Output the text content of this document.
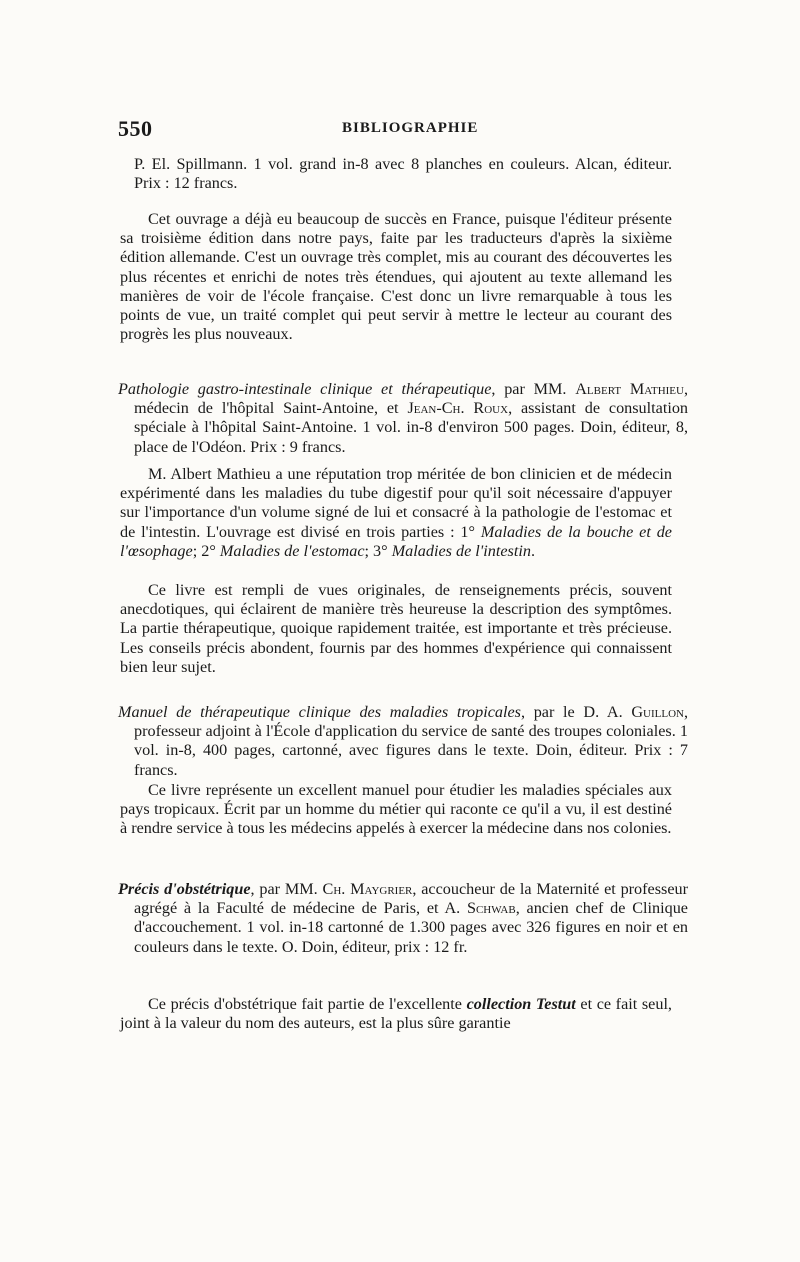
550	BIBLIOGRAPHIE

P. El. Spillmann. 1 vol. grand in-8 avec 8 planches en couleurs. Alcan, éditeur. Prix : 12 francs.

Cet ouvrage a déjà eu beaucoup de succès en France, puisque l'éditeur présente sa troisième édition dans notre pays, faite par les traducteurs d'après la sixième édition allemande. C'est un ouvrage très complet, mis au courant des découvertes les plus récentes et enrichi de notes très étendues, qui ajoutent au texte allemand les manières de voir de l'école française. C'est donc un livre remarquable à tous les points de vue, un traité complet qui peut servir à mettre le lecteur au courant des progrès les plus nouveaux.

Pathologie gastro-intestinale clinique et thérapeutique, par MM. Albert Mathieu, médecin de l'hôpital Saint-Antoine, et Jean-Ch. Roux, assistant de consultation spéciale à l'hôpital Saint-Antoine. 1 vol. in-8 d'environ 500 pages. Doin, éditeur, 8, place de l'Odéon. Prix : 9 francs.

M. Albert Mathieu a une réputation trop méritée de bon clinicien et de médecin expérimenté dans les maladies du tube digestif pour qu'il soit nécessaire d'appuyer sur l'importance d'un volume signé de lui et consacré à la pathologie de l'estomac et de l'intestin. L'ouvrage est divisé en trois parties : 1° Maladies de la bouche et de l'œsophage; 2° Maladies de l'estomac; 3° Maladies de l'intestin.

Ce livre est rempli de vues originales, de renseignements précis, souvent anecdotiques, qui éclairent de manière très heureuse la description des symptômes. La partie thérapeutique, quoique rapidement traitée, est importante et très précieuse. Les conseils précis abondent, fournis par des hommes d'expérience qui connaissent bien leur sujet.

Manuel de thérapeutique clinique des maladies tropicales, par le D. A. Guillon, professeur adjoint à l'École d'application du service de santé des troupes coloniales. 1 vol. in-8, 400 pages, cartonné, avec figures dans le texte. Doin, éditeur. Prix : 7 francs.

Ce livre représente un excellent manuel pour étudier les maladies spéciales aux pays tropicaux. Écrit par un homme du métier qui raconte ce qu'il a vu, il est destiné à rendre service à tous les médecins appelés à exercer la médecine dans nos colonies.

Précis d'obstétrique, par MM. Ch. Maygrier, accoucheur de la Maternité et professeur agrégé à la Faculté de médecine de Paris, et A. Schwab, ancien chef de Clinique d'accouchement. 1 vol. in-18 cartonné de 1.300 pages avec 326 figures en noir et en couleurs dans le texte. O. Doin, éditeur, prix : 12 fr.

Ce précis d'obstétrique fait partie de l'excellente collection Testut et ce fait seul, joint à la valeur du nom des auteurs, est la plus sûre garantie
